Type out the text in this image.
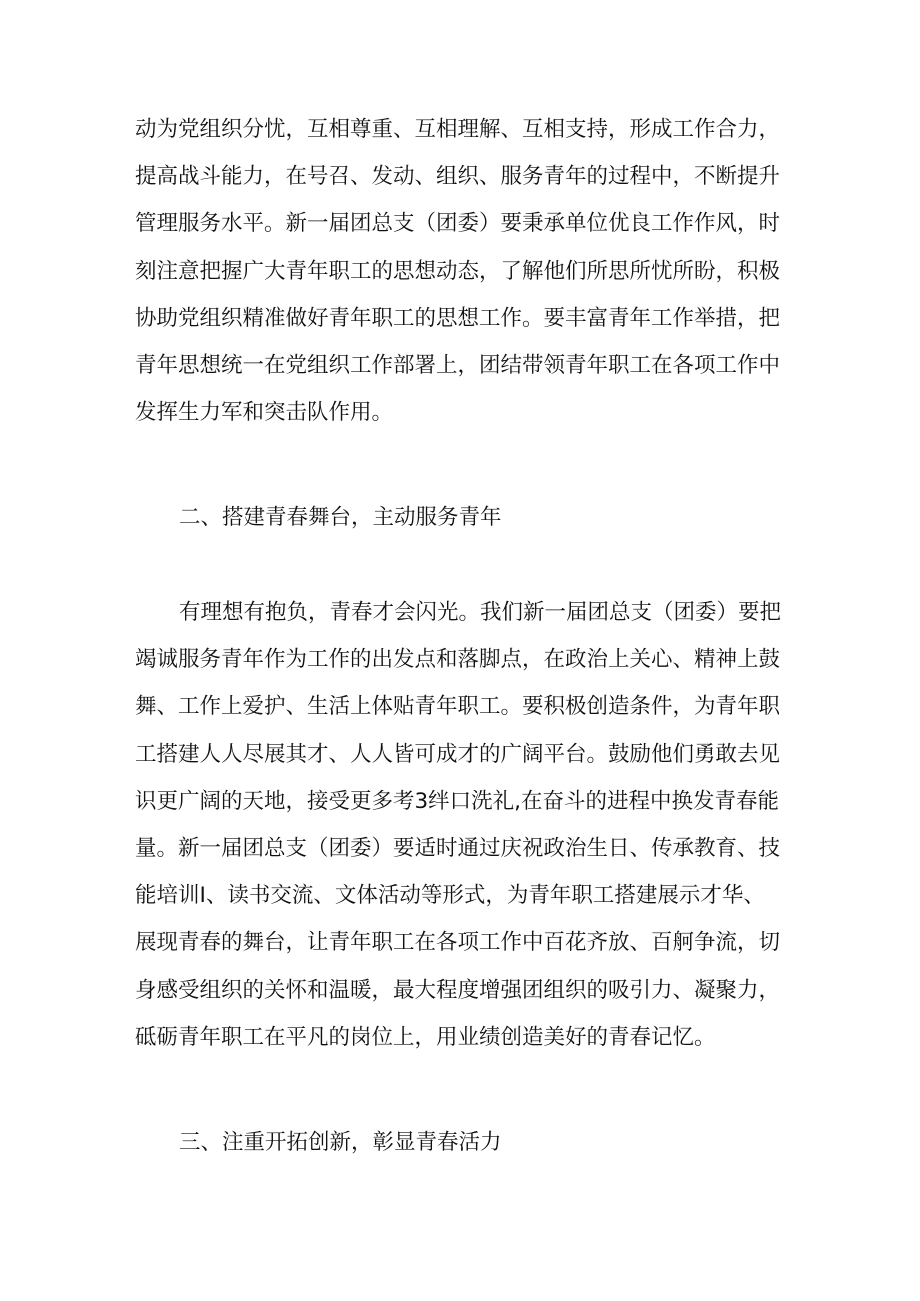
动为党组织分忧，互相尊重、互相理解、互相支持，形成工作合力，
提高战斗能力，在号召、发动、组织、服务青年的过程中，不断提升
管理服务水平。新一届团总支（团委）要秉承单位优良工作作风，时
刻注意把握广大青年职工的思想动态，了解他们所思所忧所盼，积极
协助党组织精准做好青年职工的思想工作。要丰富青年工作举措，把
青年思想统一在党组织工作部署上，团结带领青年职工在各项工作中
发挥生力军和突击队作用。
二、搭建青春舞台，主动服务青年
有理想有抱负，青春才会闪光。我们新一届团总支（团委）要把
竭诚服务青年作为工作的出发点和落脚点，在政治上关心、精神上鼓
舞、工作上爱护、生活上体贴青年职工。要积极创造条件，为青年职
工搭建人人尽展其才、人人皆可成才的广阔平台。鼓励他们勇敢去见
识更广阔的天地，接受更多考3绊口洗礼,在奋斗的进程中换发青春能
量。新一届团总支（团委）要适时通过庆祝政治生日、传承教育、技
能培训I、读书交流、文体活动等形式，为青年职工搭建展示才华、
展现青春的舞台，让青年职工在各项工作中百花齐放、百舸争流，切
身感受组织的关怀和温暖，最大程度增强团组织的吸引力、凝聚力，
砥砺青年职工在平凡的岗位上，用业绩创造美好的青春记忆。
三、注重开拓创新，彰显青春活力
